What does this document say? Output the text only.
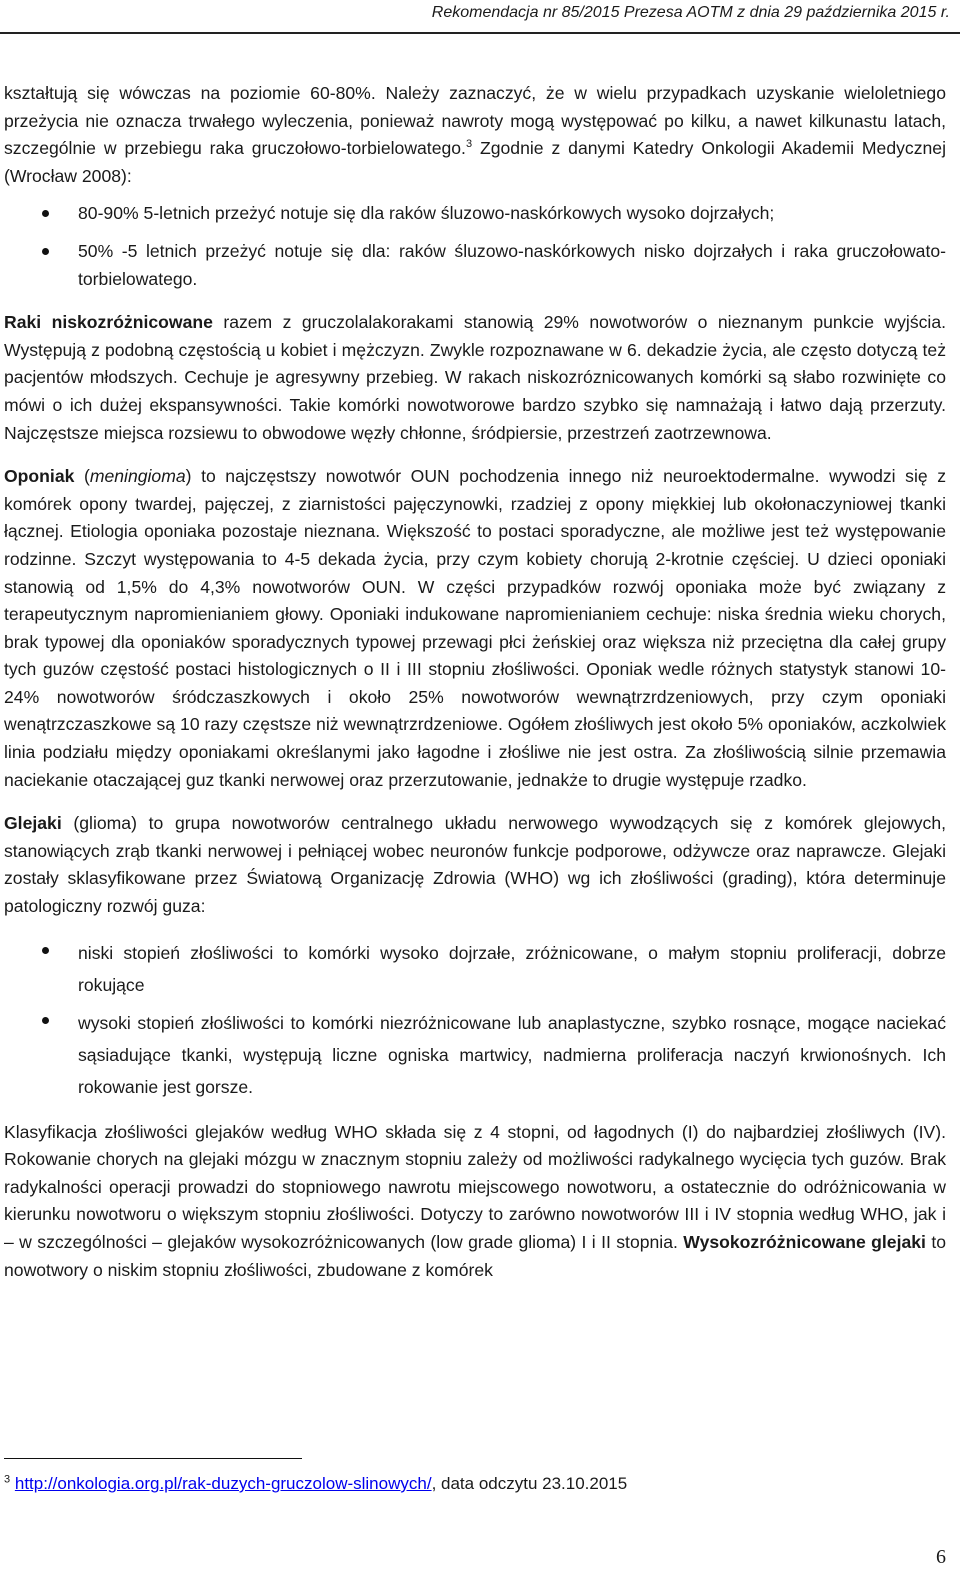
Rekomendacja nr 85/2015 Prezesa AOTM z dnia 29 października 2015 r.

kształtują się wówczas na poziomie 60-80%. Należy zaznaczyć, że w wielu przypadkach uzyskanie wieloletniego przeżycia nie oznacza trwałego wyleczenia, ponieważ nawroty mogą występować po kilku, a nawet kilkunastu latach, szczególnie w przebiegu raka gruczołowo-torbielowatego.$^3$ Zgodnie z danymi Katedry Onkologii Akademii Medycznej (Wrocław 2008):

80-90% 5-letnich przeżyć notuje się dla raków śluzowo-naskórkowych wysoko dojrzałych;
50% -5 letnich przeżyć notuje się dla: raków śluzowo-naskórkowych nisko dojrzałych i raka gruczołowato-torbielowatego.

Raki niskozróżnicowane razem z gruczolalakorakami stanowią 29% nowotworów o nieznanym punkcie wyjścia. Występują z podobną częstością u kobiet i mężczyzn. Zwykle rozpoznawane w 6. dekadzie życia, ale często dotyczą też pacjentów młodszych. Cechuje je agresywny przebieg. W rakach niskozróznicowanych komórki są słabo rozwinięte co mówi o ich dużej ekspansywności. Takie komórki nowotworowe bardzo szybko się namnażają i łatwo dają przerzuty. Najczęstsze miejsca rozsiewu to obwodowe węzły chłonne, śródpiersie, przestrzeń zaotrzewnowa.

Oponiak (meningioma) to najczęstszy nowotwór OUN pochodzenia innego niż neuroektodermalne. wywodzi się z komórek opony twardej, pajęczej, z ziarnistości pajęczynowki, rzadziej z opony miękkiej lub okołonaczyniowej tkanki łącznej. Etiologia oponiaka pozostaje nieznana. Większość to postaci sporadyczne, ale możliwe jest też występowanie rodzinne. Szczyt występowania to 4-5 dekada życia, przy czym kobiety chorują 2-krotnie częściej. U dzieci oponiaki stanowią od 1,5% do 4,3% nowotworów OUN. W części przypadków rozwój oponiaka może być związany z terapeutycznym napromienianiem głowy. Oponiaki indukowane napromienianiem cechuje: niska średnia wieku chorych, brak typowej dla oponiaków sporadycznych typowej przewagi płci żeńskiej oraz większa niż przeciętna dla całej grupy tych guzów częstość postaci histologicznych o II i III stopniu złośliwości. Oponiak wedle różnych statystyk stanowi 10-24% nowotworów śródczaszkowych i około 25% nowotworów wewnątrzrdzeniowych, przy czym oponiaki wenątrzczaszkowe są 10 razy częstsze niż wewnątrzrdzeniowe. Ogółem złośliwych jest około 5% oponiaków, aczkolwiek linia podziału między oponiakami określanymi jako łagodne i złośliwe nie jest ostra. Za złośliwością silnie przemawia naciekanie otaczającej guz tkanki nerwowej oraz przerzutowanie, jednakże to drugie występuje rzadko.

Glejaki (glioma) to grupa nowotworów centralnego układu nerwowego wywodzących się z komórek glejowych, stanowiących zrąb tkanki nerwowej i pełniącej wobec neuronów funkcje podporowe, odżywcze oraz naprawcze. Glejaki zostały sklasyfikowane przez Światową Organizację Zdrowia (WHO) wg ich złośliwości (grading), która determinuje patologiczny rozwój guza:

niski stopień złośliwości to komórki wysoko dojrzałe, zróżnicowane, o małym stopniu proliferacji, dobrze rokujące
wysoki stopień złośliwości to komórki niezróżnicowane lub anaplastyczne, szybko rosnące, mogące naciekać sąsiadujące tkanki, występują liczne ogniska martwicy, nadmierna proliferacja naczyń krwionośnych. Ich rokowanie jest gorsze.

Klasyfikacja złośliwości glejaków według WHO składa się z 4 stopni, od łagodnych (I) do najbardziej złośliwych (IV). Rokowanie chorych na glejaki mózgu w znacznym stopniu zależy od możliwości radykalnego wycięcia tych guzów. Brak radykalności operacji prowadzi do stopniowego nawrotu miejscowego nowotworu, a ostatecznie do odróżnicowania w kierunku nowotworu o większym stopniu złośliwości. Dotyczy to zarówno nowotworów III i IV stopnia według WHO, jak i – w szczególności – glejaków wysokozróżnicowanych (low grade glioma) I i II stopnia. Wysokozróżnicowane glejaki to nowotwory o niskim stopniu złośliwości, zbudowane z komórek

$^3$ http://onkologia.org.pl/rak-duzych-gruczolow-slinowych/, data odczytu 23.10.2015
6
